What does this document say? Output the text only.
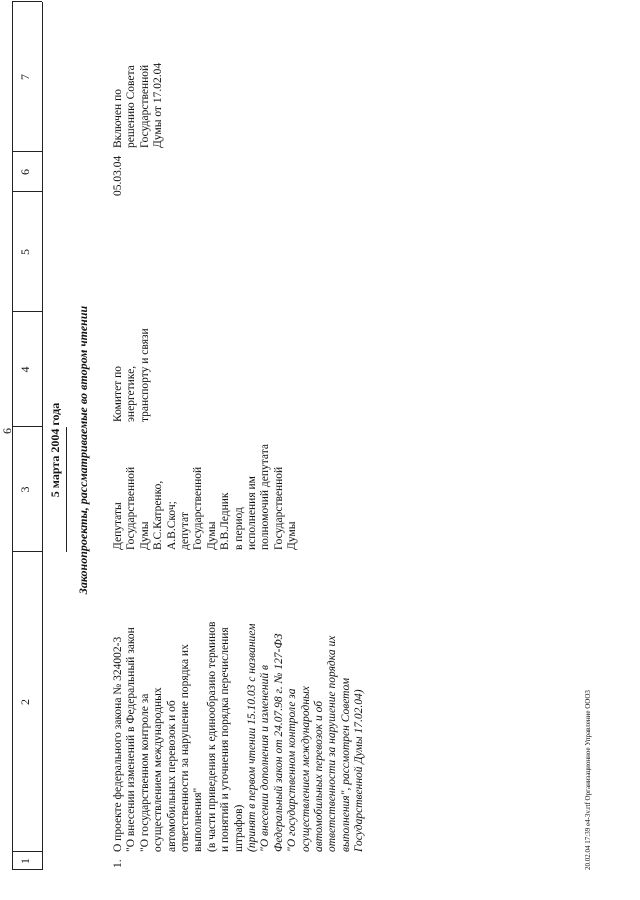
6
1
2
3
4
5
6
7
5 марта 2004 года Законопроекты, рассматриваемые во втором чтении
1.
О проекте федерального закона № 324002-3
"О внесении изменений в Федеральный закон
"О государственном контроле за
осуществлением международных
автомобильных перевозок и об
ответственности за нарушение порядка их
выполнения"
(в части приведения к единообразию терминов
и понятий и уточнения порядка перечисления
штрафов) (принят в первом чтении 15.10.03 с названием
"О внесении дополнения и изменений в
Федеральный закон от 24.07.98 г. № 127-ФЗ
"О государственном контроле за
осуществлением международных
автомобильных перевозок и об
ответственности за нарушение порядка их
выполнения", рассмотрен Советом
Государственной Думы 17.02.04)
Депутаты
Государственной
Думы
В.С.Катренко,
А.В.Скоч;
депутат
Государственной
Думы
В.В.Ледник
в период
исполнения им
полномочий депутата
Государственной
Думы
Комитет по
энергетике,
транспорту и связи
05.03.04
Включен по
решению Совета
Государственной
Думы от 17.02.04
20.02.04 17:39 e4-3v.rtf Организационное Управление ООО3
